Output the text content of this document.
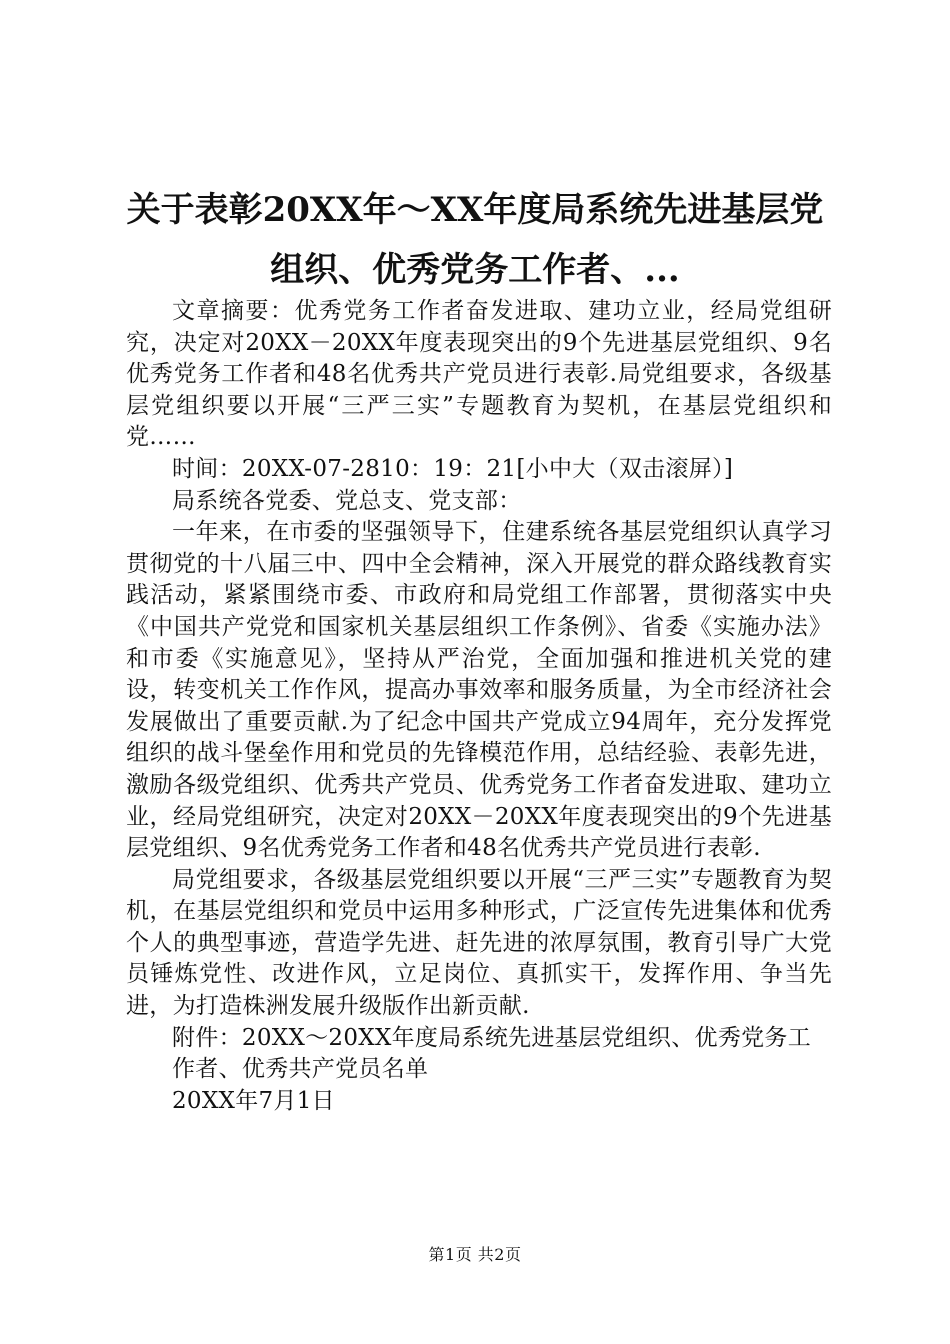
关于表彰20XX年～XX年度局系统先进基层党
组织、优秀党务工作者、...

文章摘要：优秀党务工作者奋发进取、建功立业，经局党组研究，决定对20XX－20XX年度表现突出的9个先进基层党组织、9名优秀党务工作者和48名优秀共产党员进行表彰.局党组要求，各级基层党组织要以开展“三严三实”专题教育为契机，在基层党组织和党……

时间：20XX-07-2810：19：21[小中大（双击滚屏）]

局系统各党委、党总支、党支部：

一年来，在市委的坚强领导下，住建系统各基层党组织认真学习贯彻党的十八届三中、四中全会精神，深入开展党的群众路线教育实践活动，紧紧围绕市委、市政府和局党组工作部署，贯彻落实中央《中国共产党党和国家机关基层组织工作条例》、省委《实施办法》和市委《实施意见》，坚持从严治党，全面加强和推进机关党的建设，转变机关工作作风，提高办事效率和服务质量，为全市经济社会发展做出了重要贡献.为了纪念中国共产党成立94周年，充分发挥党组织的战斗堡垒作用和党员的先锋模范作用，总结经验、表彰先进，激励各级党组织、优秀共产党员、优秀党务工作者奋发进取、建功立业，经局党组研究，决定对20XX－20XX年度表现突出的9个先进基层党组织、9名优秀党务工作者和48名优秀共产党员进行表彰.

局党组要求，各级基层党组织要以开展“三严三实”专题教育为契机，在基层党组织和党员中运用多种形式，广泛宣传先进集体和优秀个人的典型事迹，营造学先进、赶先进的浓厚氛围，教育引导广大党员锤炼党性、改进作风，立足岗位、真抓实干，发挥作用、争当先进，为打造株洲发展升级版作出新贡献.

附件：20XX～20XX年度局系统先进基层党组织、优秀党务工

作者、优秀共产党员名单

20XX年7月1日

第1页 共2页
